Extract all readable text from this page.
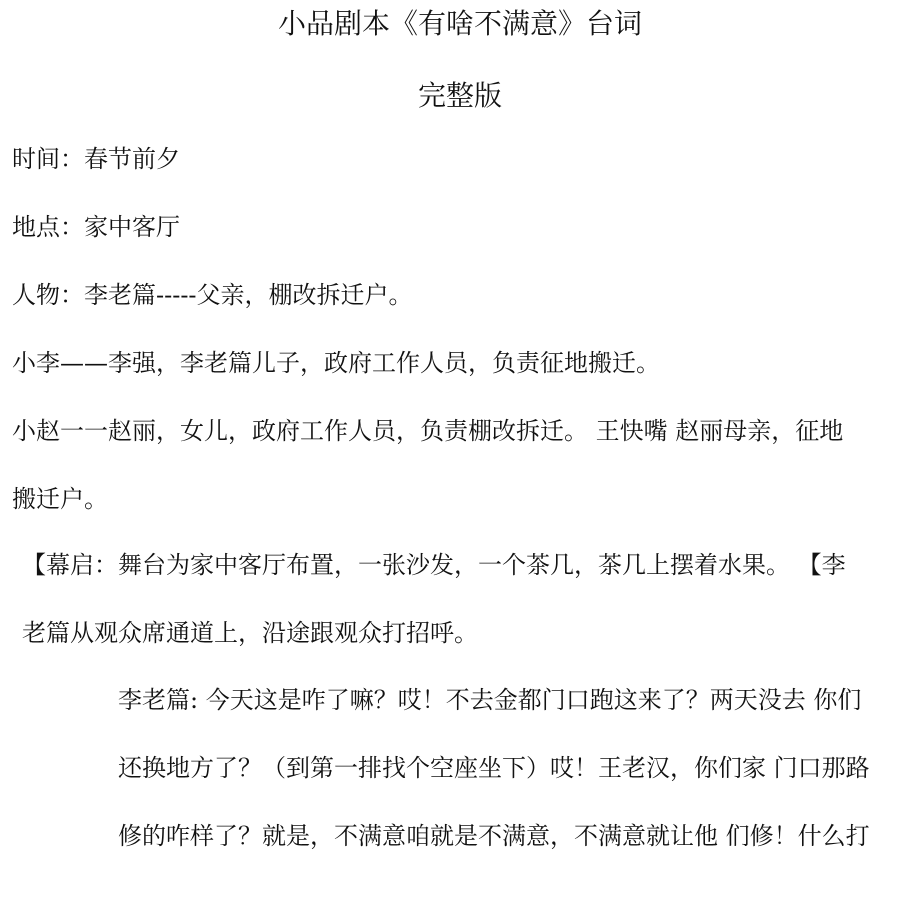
小品剧本《有啥不满意》台词
完整版
时间：春节前夕
地点：家中客厅
人物：李老篇-----父亲，棚改拆迁户。
小李——李强，李老篇儿子，政府工作人员，负责征地搬迁。
小赵一一赵丽，女儿，政府工作人员，负责棚改拆迁。 王快嘴 赵丽母亲，征地
搬迁户。
【幕启：舞台为家中客厅布置，一张沙发，一个茶几，茶几上摆着水果。 【李
老篇从观众席通道上，沿途跟观众打招呼。
李老篇: 今天这是咋了嘛？哎！不去金都门口跑这来了？两天没去 你们
还换地方了？（到第一排找个空座坐下）哎！王老汉，你们家 门口那路
修的咋样了？就是，不满意咱就是不满意，不满意就让他 们修！什么打
